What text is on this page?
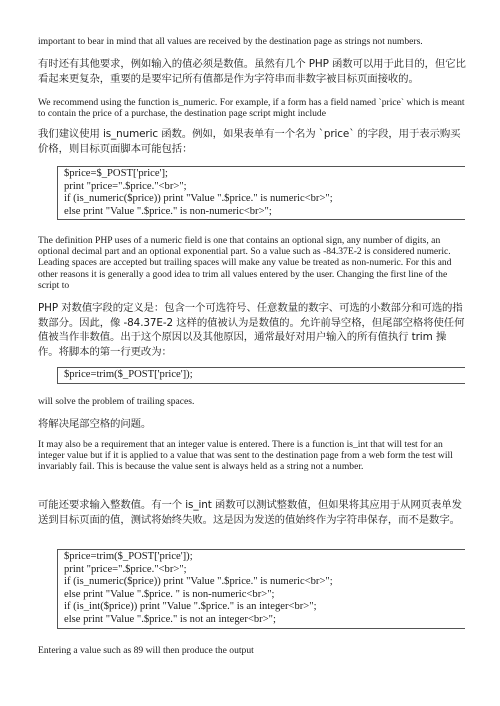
important to bear in mind that all values are received by the destination page as strings not numbers.

有时还有其他要求，例如输入的值必须是数值。虽然有几个 PHP 函数可以用于此目的，但它比看起来更复杂，重要的是要牢记所有值都是作为字符串而非数字被目标页面接收的。

We recommend using the function is_numeric. For example, if a form has a field named `price` which is meant to contain the price of a purchase, the destination page script might include

我们建议使用 is_numeric 函数。例如，如果表单有一个名为 `price` 的字段，用于表示购买价格，则目标页面脚本可能包括：

$price=$_POST['price'];
print "price=".$price."<br>";
if (is_numeric($price)) print "Value ".$price." is numeric<br>";
else print "Value ".$price." is non-numeric<br>";

The definition PHP uses of a numeric field is one that contains an optional sign, any number of digits, an optional decimal part and an optional exponential part. So a value such as -84.37E-2 is considered numeric. Leading spaces are accepted but trailing spaces will make any value be treated as non-numeric. For this and other reasons it is generally a good idea to trim all values entered by the user. Changing the first line of the script to

PHP 对数值字段的定义是：包含一个可选符号、任意数量的数字、可选的小数部分和可选的指数部分。因此，像 -84.37E-2 这样的值被认为是数值的。允许前导空格，但尾部空格将使任何值被当作非数值。出于这个原因以及其他原因，通常最好对用户输入的所有值执行 trim 操作。将脚本的第一行更改为：

$price=trim($_POST['price']);

will solve the problem of trailing spaces.

将解决尾部空格的问题。

It may also be a requirement that an integer value is entered. There is a function is_int that will test for an integer value but if it is applied to a value that was sent to the destination page from a web form the test will invariably fail. This is because the value sent is always held as a string not a number.

可能还要求输入整数值。有一个 is_int 函数可以测试整数值，但如果将其应用于从网页表单发送到目标页面的值，测试将始终失败。这是因为发送的值始终作为字符串保存，而不是数字。

$price=trim($_POST['price']);
print "price=".$price."<br>";
if (is_numeric($price)) print "Value ".$price." is numeric<br>";
else print "Value ".$price. " is non-numeric<br>";
if (is_int($price)) print "Value ".$price." is an integer<br>";
else print "Value ".$price." is not an integer<br>";

Entering a value such as 89 will then produce the output
